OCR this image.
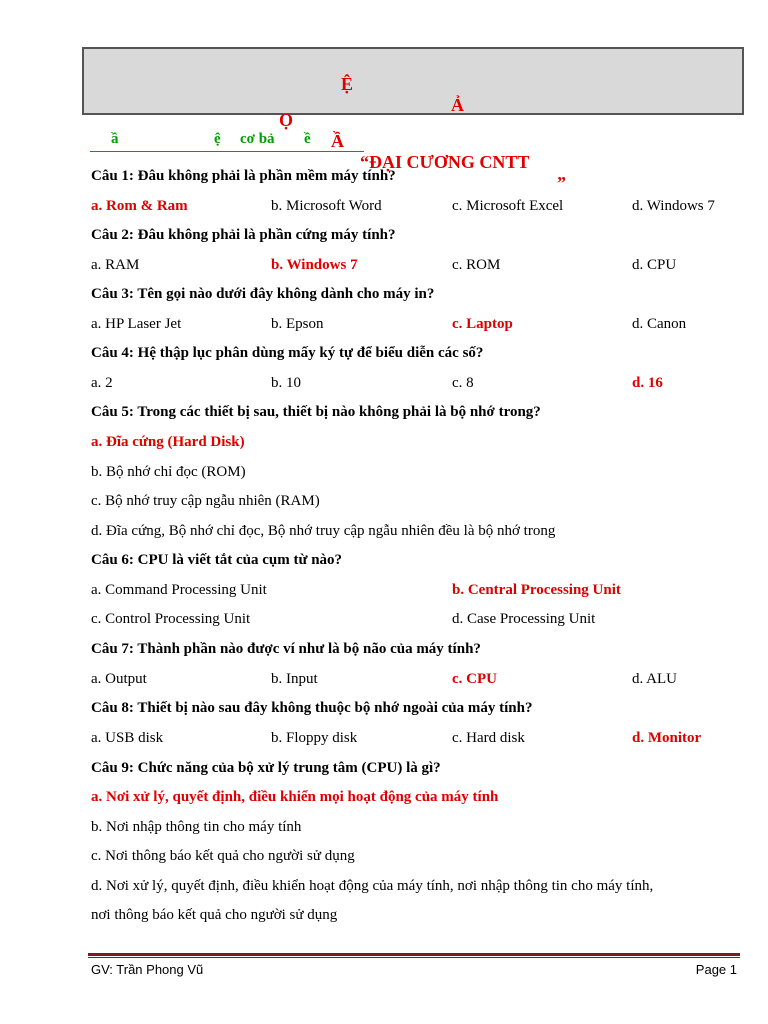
Ệ

Ả

Ọ

Ầ

“ĐẠI CƯƠNG CNTT

”

ầ

	ệ

cơ bả

ề

Câu 1: Đâu không phải là phần mềm máy tính?
a. Rom & Ram	b. Microsoft Word	c. Microsoft Excel	d. Windows 7
Câu 2: Đâu không phải là phần cứng máy tính?
a. RAM	b. Windows 7	c. ROM	d. CPU
Câu 3: Tên gọi nào dưới đây không dành cho máy in?
a. HP Laser Jet	b. Epson	c. Laptop	d. Canon
Câu 4: Hệ thập lục phân dùng mấy ký tự để biểu diễn các số?
a. 2	b. 10	c. 8	d. 16
Câu 5: Trong các thiết bị sau, thiết bị nào không phải là bộ nhớ trong?
a. Đĩa cứng (Hard Disk)
b. Bộ nhớ chỉ đọc (ROM)
c. Bộ nhớ truy cập ngẫu nhiên (RAM)
d. Đĩa cứng, Bộ nhớ chỉ đọc, Bộ nhớ truy cập ngẫu nhiên đều là bộ nhớ trong
Câu 6: CPU là viết tắt của cụm từ nào?
a. Command Processing Unit	b. Central Processing Unit
c. Control Processing Unit	d. Case Processing Unit
Câu 7: Thành phần nào được ví như là bộ não của máy tính?
a. Output	b. Input	c. CPU	d. ALU
Câu 8: Thiết bị nào sau đây không thuộc bộ nhớ ngoài của máy tính?
a. USB disk	b. Floppy disk	c. Hard disk	d. Monitor
Câu 9: Chức năng của bộ xử lý trung tâm (CPU) là gì?
a. Nơi xử lý, quyết định, điều khiển mọi hoạt động của máy tính
b. Nơi nhập thông tin cho máy tính
c. Nơi thông báo kết quả cho người sử dụng
d. Nơi xử lý, quyết định, điều khiển hoạt động của máy tính, nơi nhập thông tin cho máy tính,
nơi thông báo kết quả cho người sử dụng
GV: Trần Phong Vũ	Page 1
